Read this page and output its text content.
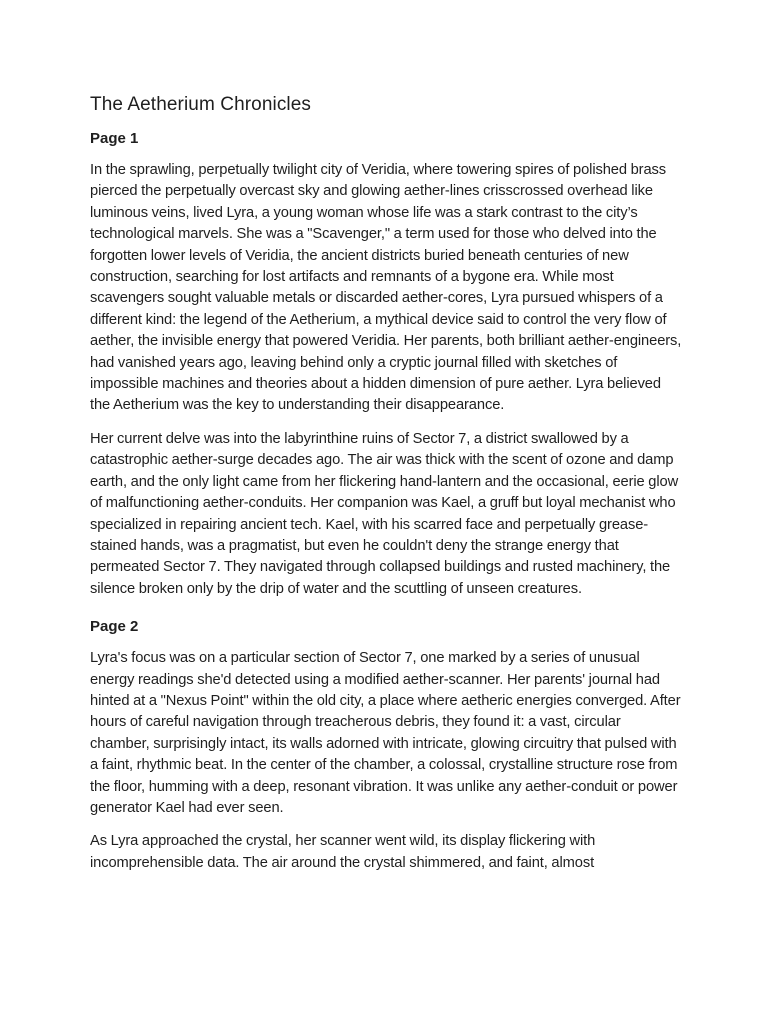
The Aetherium Chronicles
Page 1

In the sprawling, perpetually twilight city of Veridia, where towering spires of polished brass pierced the perpetually overcast sky and glowing aether-lines crisscrossed overhead like luminous veins, lived Lyra, a young woman whose life was a stark contrast to the city’s technological marvels. She was a "Scavenger," a term used for those who delved into the forgotten lower levels of Veridia, the ancient districts buried beneath centuries of new construction, searching for lost artifacts and remnants of a bygone era. While most scavengers sought valuable metals or discarded aether-cores, Lyra pursued whispers of a different kind: the legend of the Aetherium, a mythical device said to control the very flow of aether, the invisible energy that powered Veridia. Her parents, both brilliant aether-engineers, had vanished years ago, leaving behind only a cryptic journal filled with sketches of impossible machines and theories about a hidden dimension of pure aether. Lyra believed the Aetherium was the key to understanding their disappearance.

Her current delve was into the labyrinthine ruins of Sector 7, a district swallowed by a catastrophic aether-surge decades ago. The air was thick with the scent of ozone and damp earth, and the only light came from her flickering hand-lantern and the occasional, eerie glow of malfunctioning aether-conduits. Her companion was Kael, a gruff but loyal mechanist who specialized in repairing ancient tech. Kael, with his scarred face and perpetually grease-stained hands, was a pragmatist, but even he couldn't deny the strange energy that permeated Sector 7. They navigated through collapsed buildings and rusted machinery, the silence broken only by the drip of water and the scuttling of unseen creatures.

Page 2

Lyra's focus was on a particular section of Sector 7, one marked by a series of unusual energy readings she'd detected using a modified aether-scanner. Her parents' journal had hinted at a "Nexus Point" within the old city, a place where aetheric energies converged. After hours of careful navigation through treacherous debris, they found it: a vast, circular chamber, surprisingly intact, its walls adorned with intricate, glowing circuitry that pulsed with a faint, rhythmic beat. In the center of the chamber, a colossal, crystalline structure rose from the floor, humming with a deep, resonant vibration. It was unlike any aether-conduit or power generator Kael had ever seen.

As Lyra approached the crystal, her scanner went wild, its display flickering with incomprehensible data. The air around the crystal shimmered, and faint, almost
